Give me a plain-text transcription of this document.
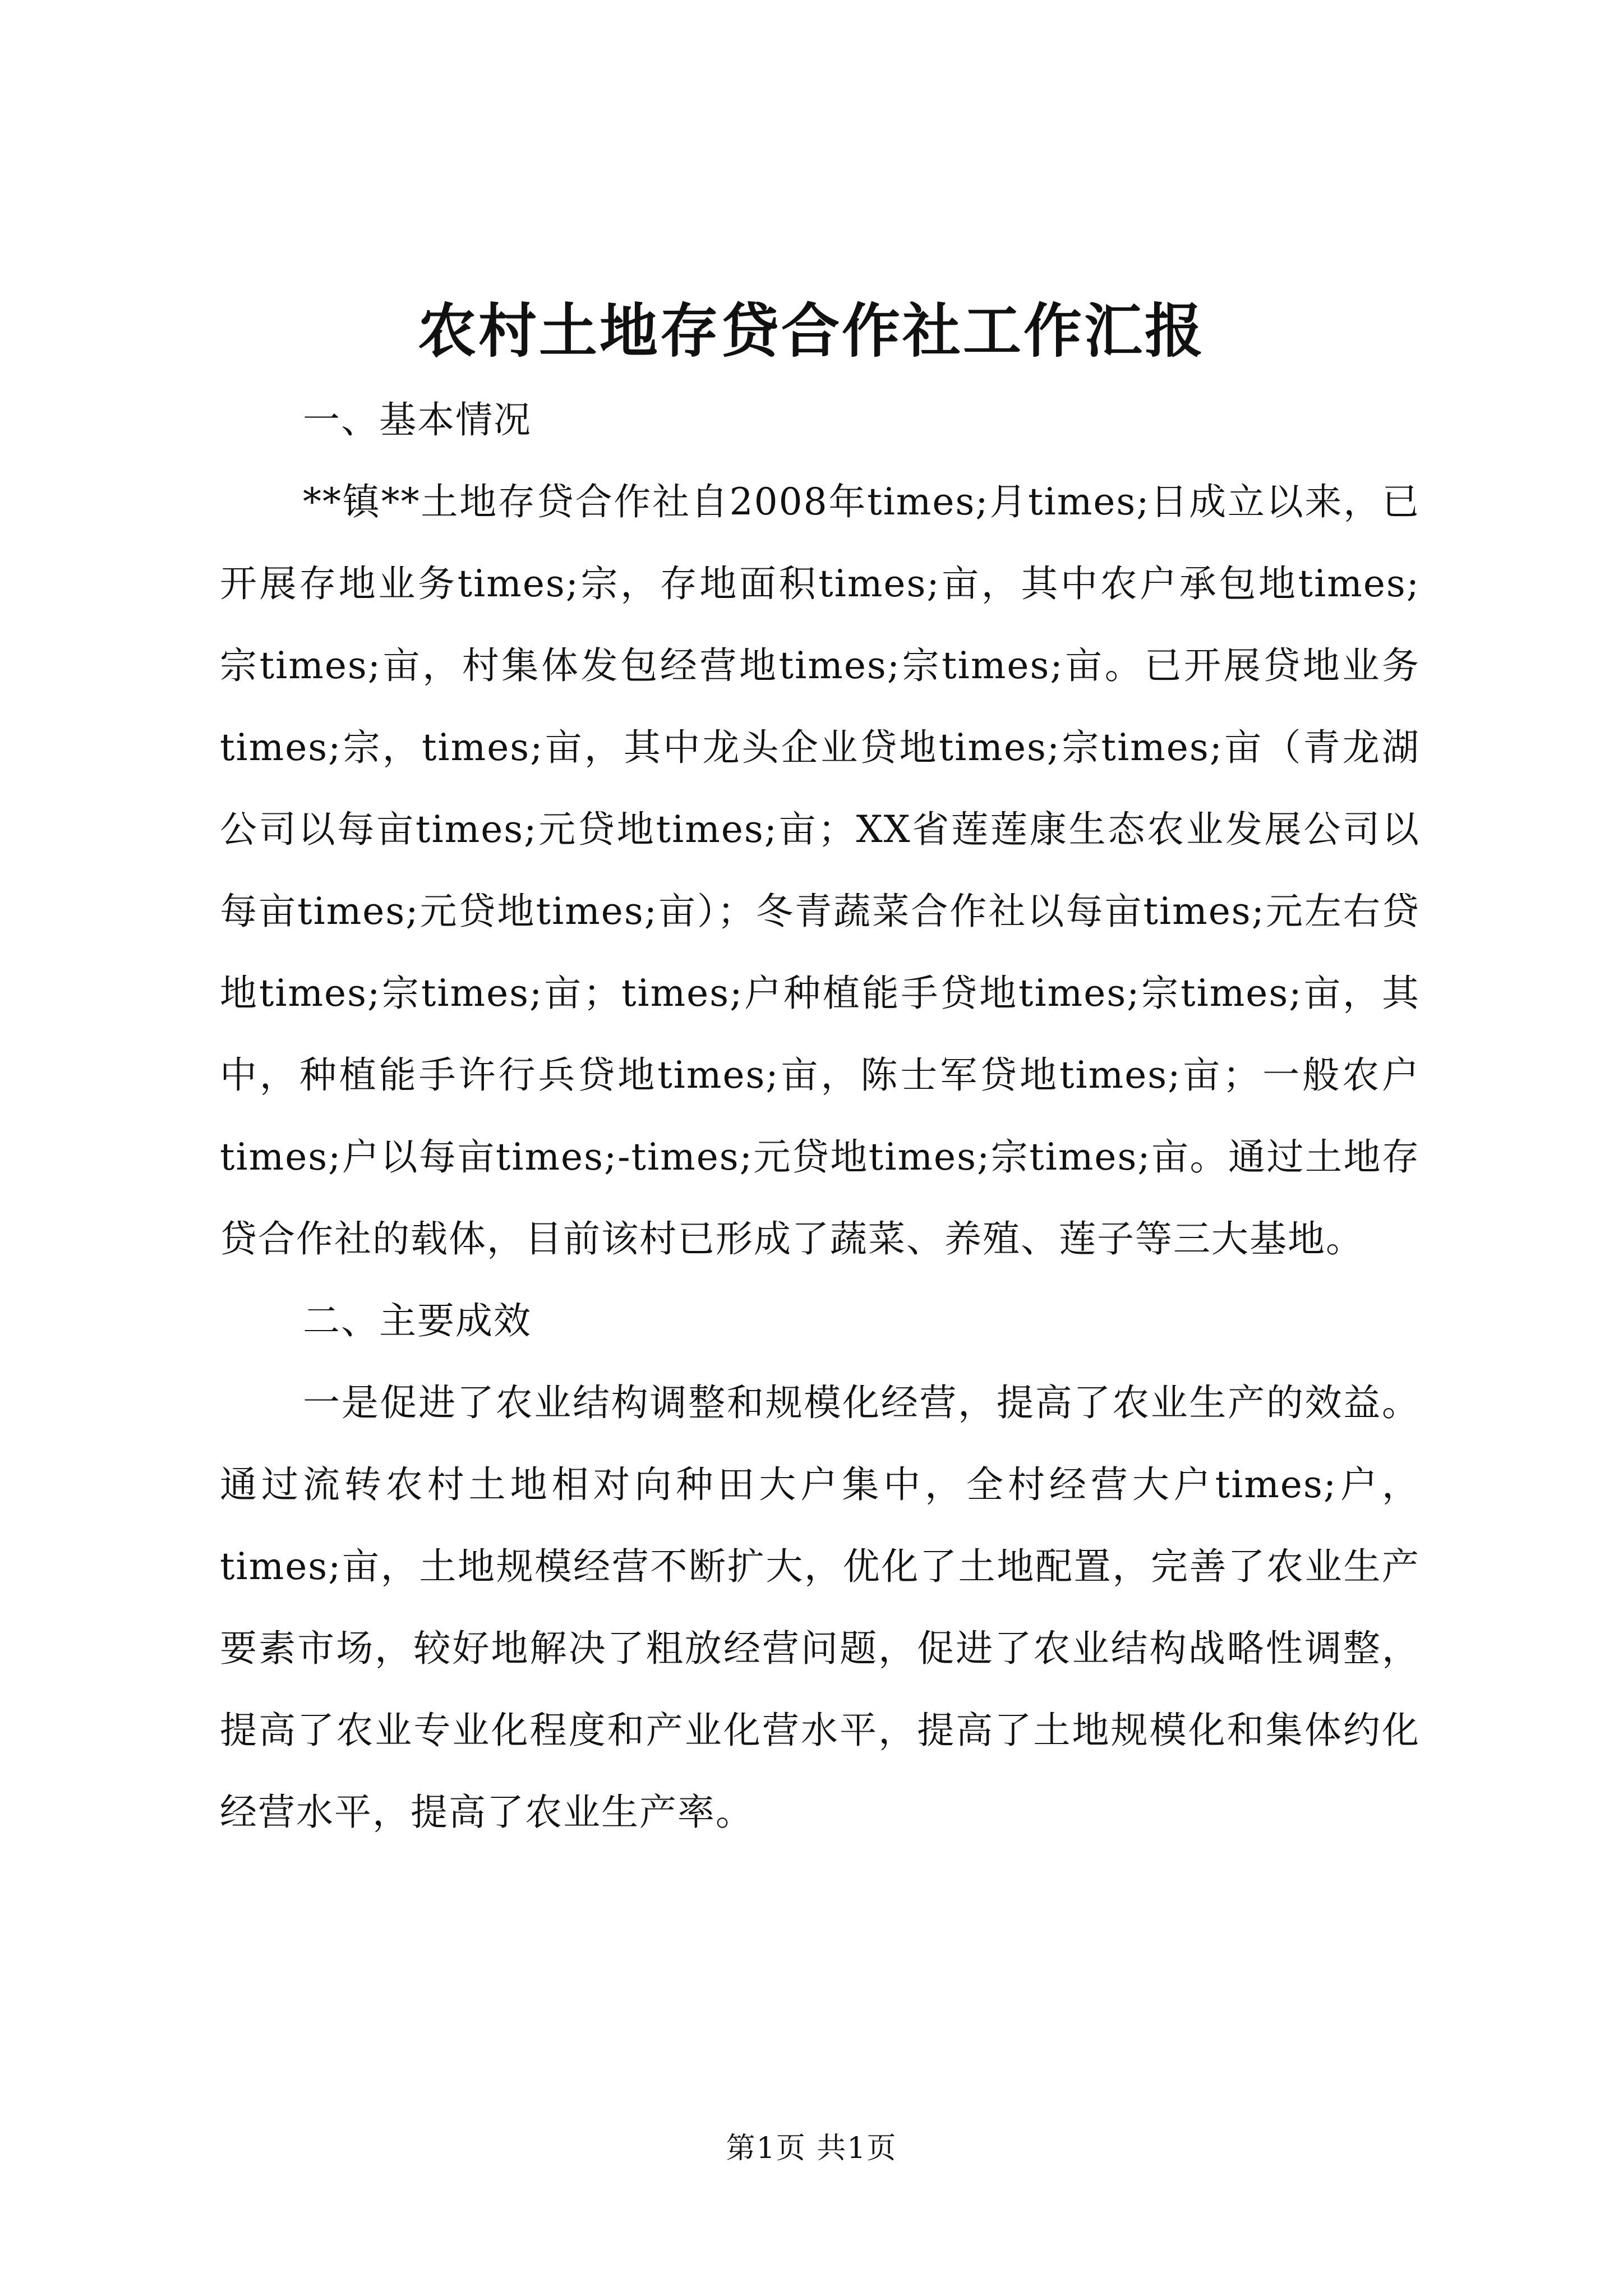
农村土地存贷合作社工作汇报

一、基本情况

**镇**土地存贷合作社自2008年times;月times;日成立以来，已开展存地业务times;宗，存地面积times;亩，其中农户承包地times;宗times;亩，村集体发包经营地times;宗times;亩。已开展贷地业务times;宗，times;亩，其中龙头企业贷地times;宗times;亩（青龙湖公司以每亩times;元贷地times;亩；XX省莲莲康生态农业发展公司以每亩times;元贷地times;亩）；冬青蔬菜合作社以每亩times;元左右贷地times;宗times;亩；times;户种植能手贷地times;宗times;亩，其中，种植能手许行兵贷地times;亩，陈士军贷地times;亩；一般农户times;户以每亩times;-times;元贷地times;宗times;亩。通过土地存贷合作社的载体，目前该村已形成了蔬菜、养殖、莲子等三大基地。

二、主要成效

一是促进了农业结构调整和规模化经营，提高了农业生产的效益。通过流转农村土地相对向种田大户集中，全村经营大户times;户，times;亩，土地规模经营不断扩大，优化了土地配置，完善了农业生产要素市场，较好地解决了粗放经营问题，促进了农业结构战略性调整，提高了农业专业化程度和产业化营水平，提高了土地规模化和集体约化经营水平，提高了农业生产率。

第1页 共1页
